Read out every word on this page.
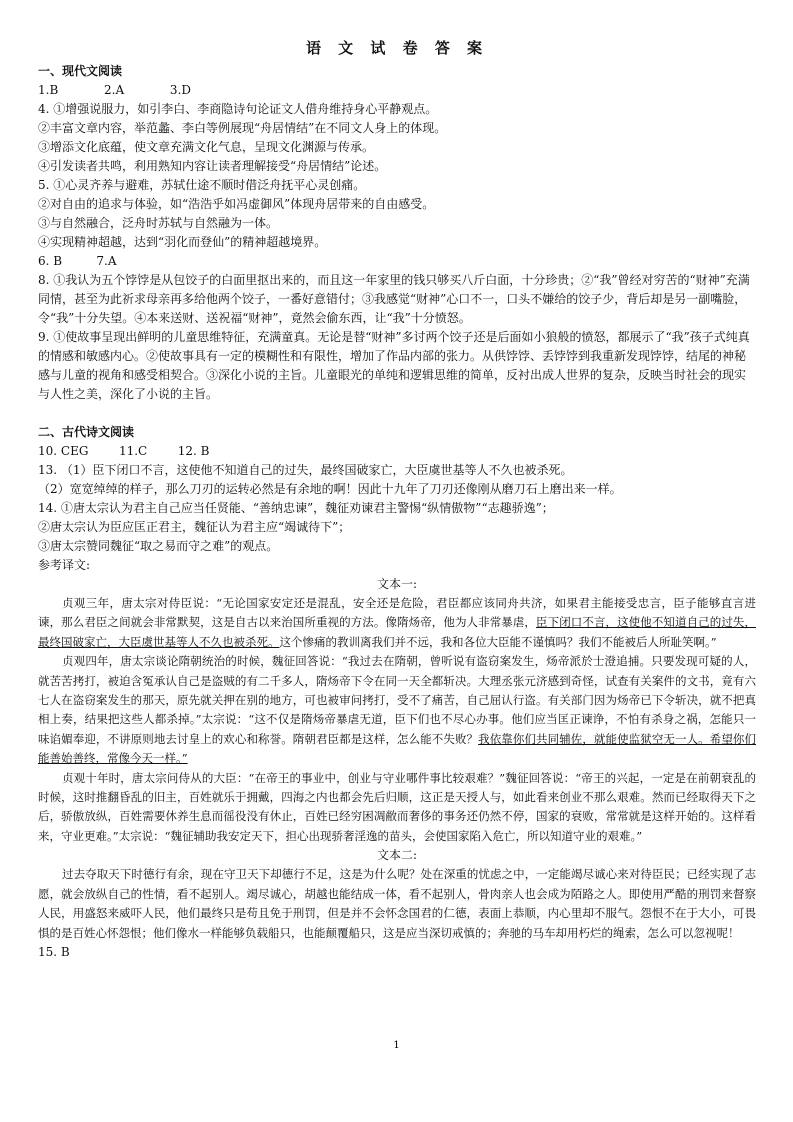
语 文 试 卷 答 案
一、现代文阅读
1.B            2.A            3.D
4. ①增强说服力，如引李白、李商隐诗句论证文人借舟维持身心平静观点。
②丰富文章内容，举范蠡、李白等例展现“舟居情结”在不同文人身上的体现。
③增添文化底蕴，使文章充满文化气息，呈现文化渊源与传承。
④引发读者共鸣，利用熟知内容让读者理解接受“舟居情结”论述。
5. ①心灵齐养与避难，苏轼仕途不顺时借泛舟抚平心灵创痛。
②对自由的追求与体验，如“浩浩乎如冯虚御风”体现舟居带来的自由感受。
③与自然融合，泛舟时苏轼与自然融为一体。
④实现精神超越，达到“羽化而登仙”的精神超越境界。
6. B         7.A
8. ①我认为五个饽饽是从包饺子的白面里抠出来的，而且这一年家里的钱只够买八斤白面，十分珍贵；②“我”曾经对穷苦的“财神”充满同情，甚至为此祈求母亲再多给他两个饺子，一番好意错付；③我感觉“财神”心口不一，口头不嫌给的饺子少，背后却是另一副嘴脸，令“我”十分失望。④本来送财、送祝福“财神”，竟然会偷东西，让“我”十分愤怒。
9. ①使故事呈现出鲜明的儿童思维特征，充满童真。无论是替“财神”多讨两个饺子还是后面如小狼般的愤怒，都展示了“我”孩子式纯真的情感和敏感内心。②使故事具有一定的模糊性和有限性，增加了作品内部的张力。从供饽饽、丢饽饽到我重新发现饽饽，结尾的神秘感与儿童的视角和感受相契合。③深化小说的主旨。儿童眼光的单纯和逻辑思维的简单，反衬出成人世界的复杂，反映当时社会的现实与人性之美，深化了小说的主旨。
二、古代诗文阅读
10. CEG        11.C        12. B
13. （1）臣下闭口不言，这使他不知道自己的过失，最终国破家亡，大臣虞世基等人不久也被杀死。
（2）宽宽绰绰的样子，那么刀刃的运转必然是有余地的啊！因此十九年了刀刃还像刚从磨刀石上磨出来一样。
14. ①唐太宗认为君主自己应当任贤能、“善纳忠谏”，魏征劝谏君主警惕“纵情傲物”“志趣骄逸”；
②唐太宗认为臣应匡正君主，魏征认为君主应“竭诚待下”；
③唐太宗赞同魏征“取之易而守之难”的观点。
参考译文:
文本一:

贞观三年，唐太宗对侍臣说：“无论国家安定还是混乱，安全还是危险，君臣都应该同舟共济，如果君主能接受忠言，臣子能够直言进谏，那么君臣之间就会非常默契，这是自古以来治国所重视的方法。像隋炀帝，他为人非常暴虐，臣下闭口不言，这使他不知道自己的过失，最终国破家亡，大臣虞世基等人不久也被杀死。这个惨痛的教训离我们并不远，我和各位大臣能不谨慎吗？我们不能被后人所耻笑啊。”

贞观四年，唐太宗谈论隋朝统治的时候，魏征回答说：“我过去在隋朝，曾听说有盗窃案发生，炀帝派於士澄追捕。只要发现可疑的人，就苦苦拷打，被迫含冤承认自己是盗贼的有二千多人，隋炀帝下令在同一天全都斩决。大理丞张元济感到奇怪，试查有关案件的文书，竟有六七人在盗窃案发生的那天，原先就关押在别的地方，可也被审问拷打，受不了痛苦，自己屈认行盗。有关部门因为炀帝已下令斩决，就不把真相上奏，结果把这些人都杀掉。”太宗说：“这不仅是隋炀帝暴虐无道，臣下们也不尽心办事。他们应当匡正谏诤，不怕有杀身之祸，怎能只一味谄媚奉迎，不讲原则地去讨皇上的欢心和称誉。隋朝君臣都是这样，怎么能不失败？我依靠你们共同辅佐，就能使监狱空无一人。希望你们能善始善终，常像今天一样。”

贞观十年时，唐太宗问侍从的大臣：“在帝王的事业中，创业与守业哪件事比较艰难？”魏征回答说：“帝王的兴起，一定是在前朝衰乱的时候，这时推翻昏乱的旧主，百姓就乐于拥戴，四海之内也都会先后归顺，这正是天授人与，如此看来创业不那么艰难。然而已经取得天下之后，骄傲放纵，百姓需要休养生息而徭役没有休止，百姓已经穷困凋敝而奢侈的事务还仍然不停，国家的衰败，常常就是这样开始的。这样看来，守业更难。”太宗说：“魏征辅助我安定天下，担心出现骄奢淫逸的苗头，会使国家陷入危亡，所以知道守业的艰难。”

文本二:

过去夺取天下时德行有余，现在守卫天下却德行不足，这是为什么呢？处在深重的忧虑之中，一定能竭尽诚心来对待臣民；已经实现了志愿，就会放纵自己的性情，看不起别人。竭尽诚心，胡越也能结成一体，看不起别人，骨肉亲人也会成为陌路之人。即使用严酷的刑罚来督察人民，用盛怒来威吓人民，他们最终只是苟且免于刑罚，但是并不会怀念国君的仁德，表面上恭顺，内心里却不服气。怨恨不在于大小，可畏惧的是百姓心怀怨恨；他们像水一样能够负载船只，也能颠覆船只，这是应当深切戒慎的；奔驰的马车却用朽烂的绳索，怎么可以忽视呢！

15. B
1
